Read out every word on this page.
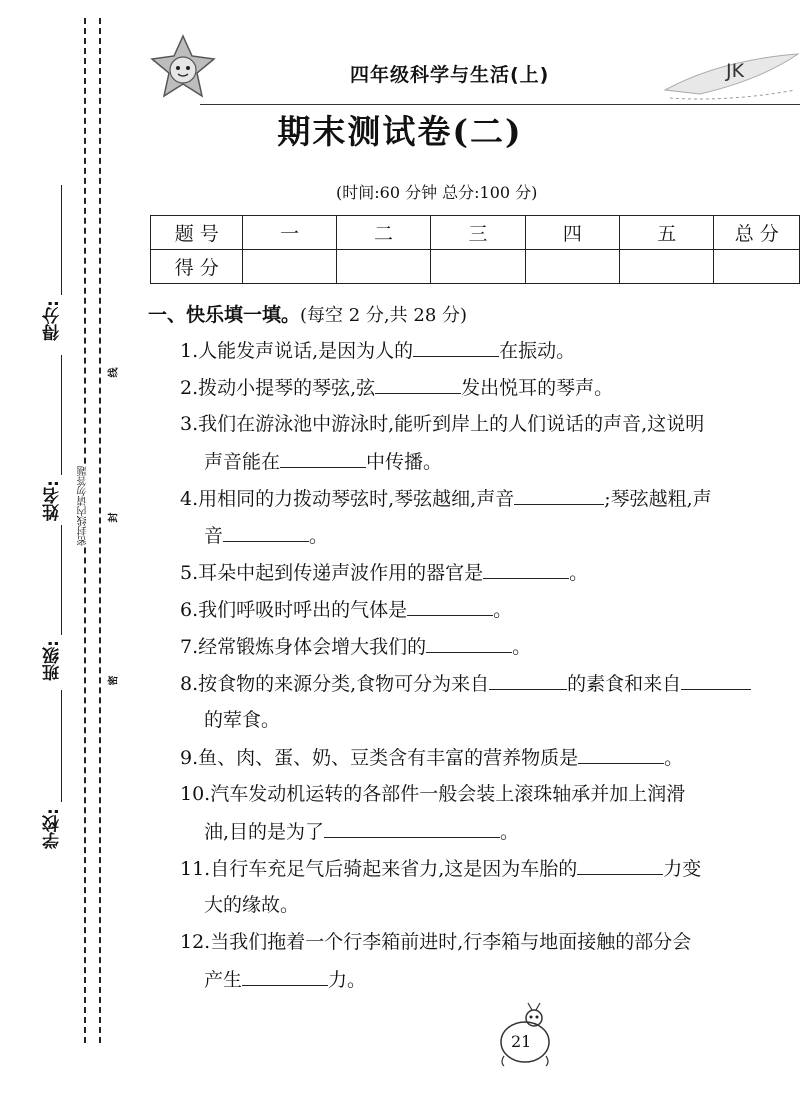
得分:
姓名:
班级:
学校:
密封线内请勿答题
线
封
密
四年级科学与生活(上)	JK
期末测试卷(二)
(时间:60 分钟 总分:100 分)
题 号	一	二	三	四	五	总 分
得 分						
一、快乐填一填。(每空 2 分,共 28 分)
1.人能发声说话,是因为人的	在振动。
2.拨动小提琴的琴弦,弦	发出悦耳的琴声。
3.我们在游泳池中游泳时,能听到岸上的人们说话的声音,这说明
声音能在	中传播。
4.用相同的力拨动琴弦时,琴弦越细,声音	;琴弦越粗,声
音	。
5.耳朵中起到传递声波作用的器官是	。
6.我们呼吸时呼出的气体是	。
7.经常锻炼身体会增大我们的	。
8.按食物的来源分类,食物可分为来自	的素食和来自
的荤食。
9.鱼、肉、蛋、奶、豆类含有丰富的营养物质是	。
10.汽车发动机运转的各部件一般会装上滚珠轴承并加上润滑
油,目的是为了	。
11.自行车充足气后骑起来省力,这是因为车胎的	力变
大的缘故。
12.当我们拖着一个行李箱前进时,行李箱与地面接触的部分会
产生	力。
21
